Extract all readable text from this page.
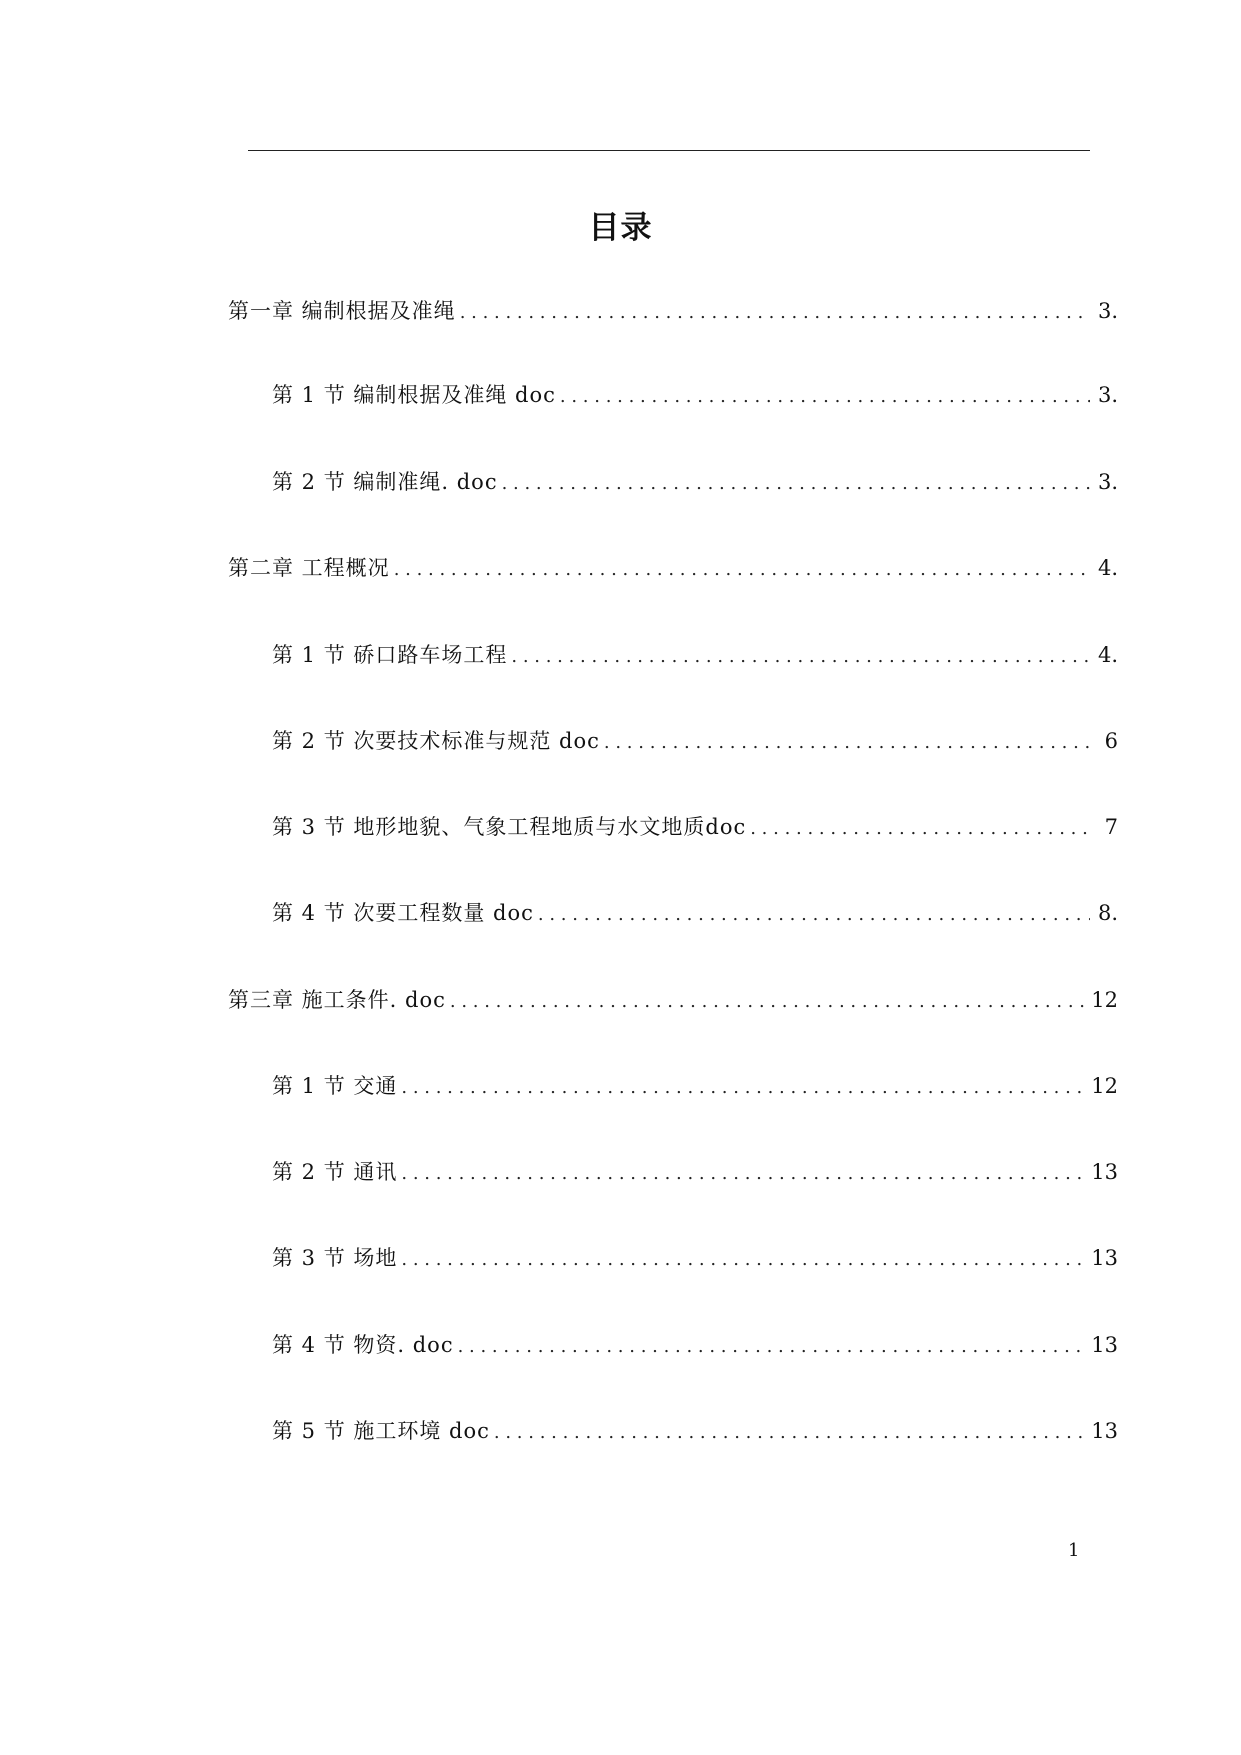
目录
第一章 编制根据及准绳 . . .	3.
第 1 节 编制根据及准绳 doc . . .	3.
第 2 节 编制准绳. doc . . .	3.
第二章 工程概况 . . .	4.
第 1 节 硚口路车场工程 . . .	4.
第 2 节 次要技术标准与规范 doc . . .	6
第 3 节 地形地貌、气象工程地质与水文地质doc . . .	7
第 4 节 次要工程数量 doc . . .	8.
第三章 施工条件. doc . . .	12
第 1 节 交通 . . .	12
第 2 节 通讯 . . .	13
第 3 节 场地 . . .	13
第 4 节 物资. doc . . .	13
第 5 节 施工环境 doc . . .	13
1
